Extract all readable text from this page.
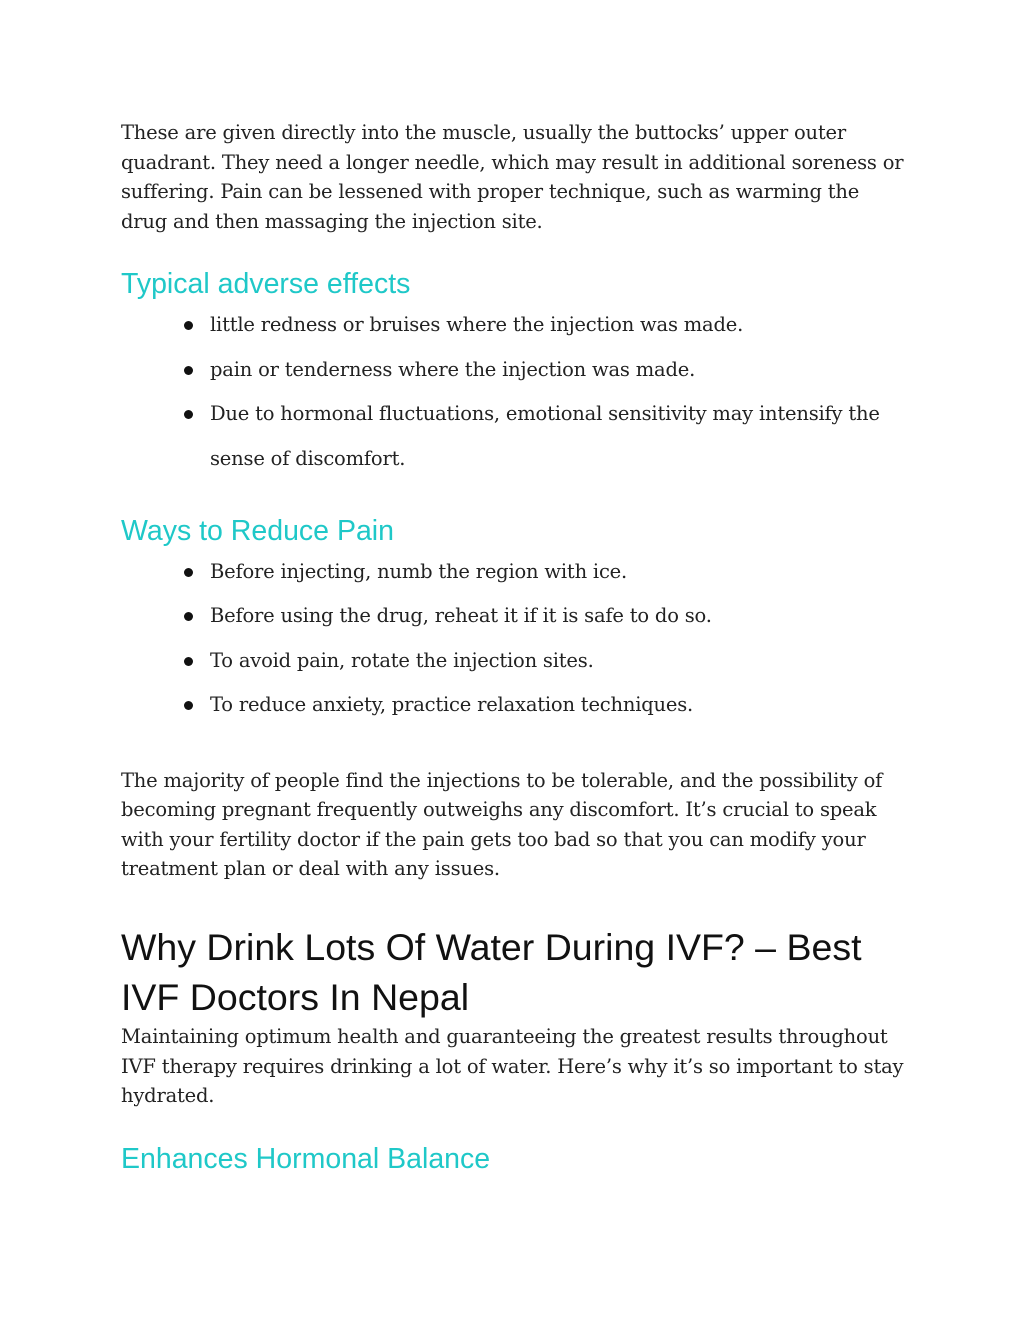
These are given directly into the muscle, usually the buttocks’ upper outer quadrant. They need a longer needle, which may result in additional soreness or suffering. Pain can be lessened with proper technique, such as warming the drug and then massaging the injection site.

Typical adverse effects
little redness or bruises where the injection was made.
pain or tenderness where the injection was made.
Due to hormonal fluctuations, emotional sensitivity may intensify the sense of discomfort.
Ways to Reduce Pain
Before injecting, numb the region with ice.
Before using the drug, reheat it if it is safe to do so.
To avoid pain, rotate the injection sites.
To reduce anxiety, practice relaxation techniques.

The majority of people find the injections to be tolerable, and the possibility of becoming pregnant frequently outweighs any discomfort. It’s crucial to speak with your fertility doctor if the pain gets too bad so that you can modify your treatment plan or deal with any issues.

Why Drink Lots Of Water During IVF? – Best IVF Doctors In Nepal

Maintaining optimum health and guaranteeing the greatest results throughout IVF therapy requires drinking a lot of water. Here’s why it’s so important to stay hydrated.

Enhances Hormonal Balance
